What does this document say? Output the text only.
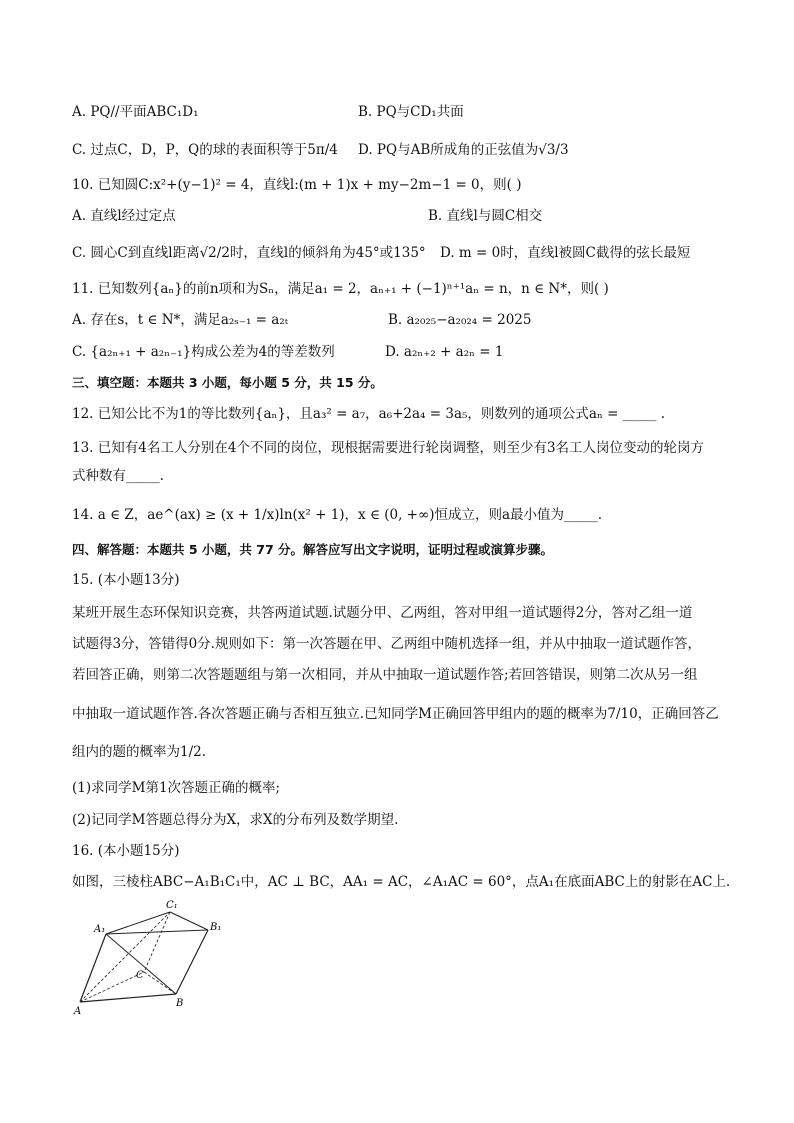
A. PQ//平面ABC₁D₁	B. PQ与CD₁共面
C. 过点C，D，P，Q的球的表面积等于5π/4 D. PQ与AB所成角的正弦值为√3/3
10. 已知圆C:x²+(y−1)² = 4，直线l:(m + 1)x + my−2m−1 = 0，则( )
A. 直线l经过定点	B. 直线l与圆C相交
C. 圆心C到直线l距离√2/2时，直线l的倾斜角为45°或135° D. m = 0时，直线l被圆C截得的弦长最短
11. 已知数列{aₙ}的前n项和为Sₙ，满足a₁ = 2，aₙ₊₁ + (−1)ⁿ⁺¹aₙ = n，n ∈ N*，则( )
A. 存在s，t ∈ N*，满足a₂ₛ₋₁ = a₂ₜ	B. a₂₀₂₅−a₂₀₂₄ = 2025
C. {a₂ₙ₊₁ + a₂ₙ₋₁}构成公差为4的等差数列	D. a₂ₙ₊₂ + a₂ₙ = 1
三、填空题：本题共 3 小题，每小题 5 分，共 15 分。
12. 已知公比不为1的等比数列{aₙ}，且a₃² = a₇，a₆+2a₄ = 3a₅，则数列的通项公式aₙ = _____ .
13. 已知有4名工人分别在4个不同的岗位，现根据需要进行轮岗调整，则至少有3名工人岗位变动的轮岗方
式种数有_____.
14. a ∈ Z，ae^(ax) ≥ (x + 1/x)ln(x² + 1)，x ∈ (0, +∞)恒成立，则a最小值为_____.
四、解答题：本题共 5 小题，共 77 分。解答应写出文字说明，证明过程或演算步骤。
15. (本小题13分)
某班开展生态环保知识竞赛，共答两道试题.试题分甲、乙两组，答对甲组一道试题得2分，答对乙组一道
试题得3分，答错得0分.规则如下：第一次答题在甲、乙两组中随机选择一组，并从中抽取一道试题作答，
若回答正确，则第二次答题题组与第一次相同，并从中抽取一道试题作答;若回答错误，则第二次从另一组
中抽取一道试题作答.各次答题正确与否相互独立.已知同学M正确回答甲组内的题的概率为7/10，正确回答乙
组内的题的概率为1/2.
(1)求同学M第1次答题正确的概率;
(2)记同学M答题总得分为X，求X的分布列及数学期望.
16. (本小题15分)
如图，三棱柱ABC−A₁B₁C₁中，AC ⊥ BC，AA₁ = AC，∠A₁AC = 60°，点A₁在底面ABC上的射影在AC上.
C₁
A₁	B₁
C
A
B
